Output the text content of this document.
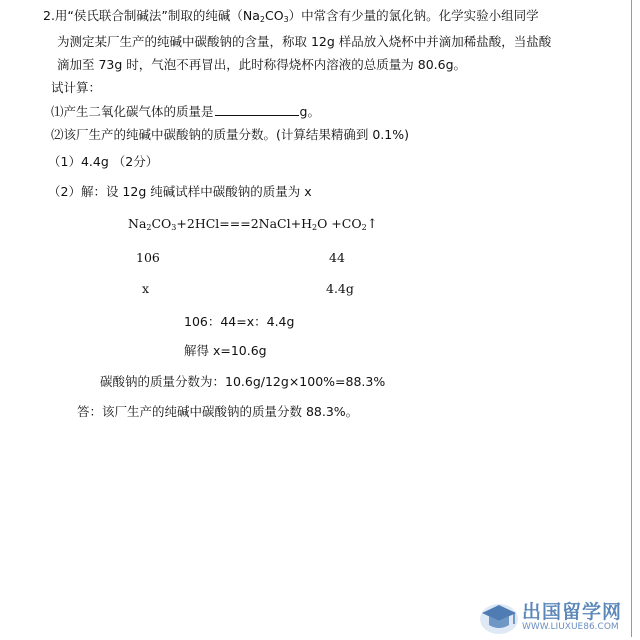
2.用“侯氏联合制碱法”制取的纯碱$(Na_2CO_3)$中常含有少量的氯化钠。化学实验小组同学
为测定某厂生产的纯碱中碳酸钠的含量，称取 12g 样品放入烧杯中并滴加稀盐酸，当盐酸
滴加至 73g 时，气泡不再冒出，此时称得烧杯内溶液的总质量为 80.6g。
试计算：
⑴产生二氧化碳气体的质量是	g。
⑵该厂生产的纯碱中碳酸钠的质量分数。(计算结果精确到 0.1%)
（1）4.4g （2分）
（2）解：设 12g 纯碱试样中碳酸钠的质量为 x
$Na_2CO_3+2HCl===2NaCl+H_2O$ $+CO_2↑$
106	44
x	4.4g
106：44=x：4.4g
解得 x=10.6g
碳酸钠的质量分数为：10.6g/12g×100%=88.3%
答：该厂生产的纯碱中碳酸钠的质量分数 88.3%。
出国留学网
WWW.LIUXUE86.COM
